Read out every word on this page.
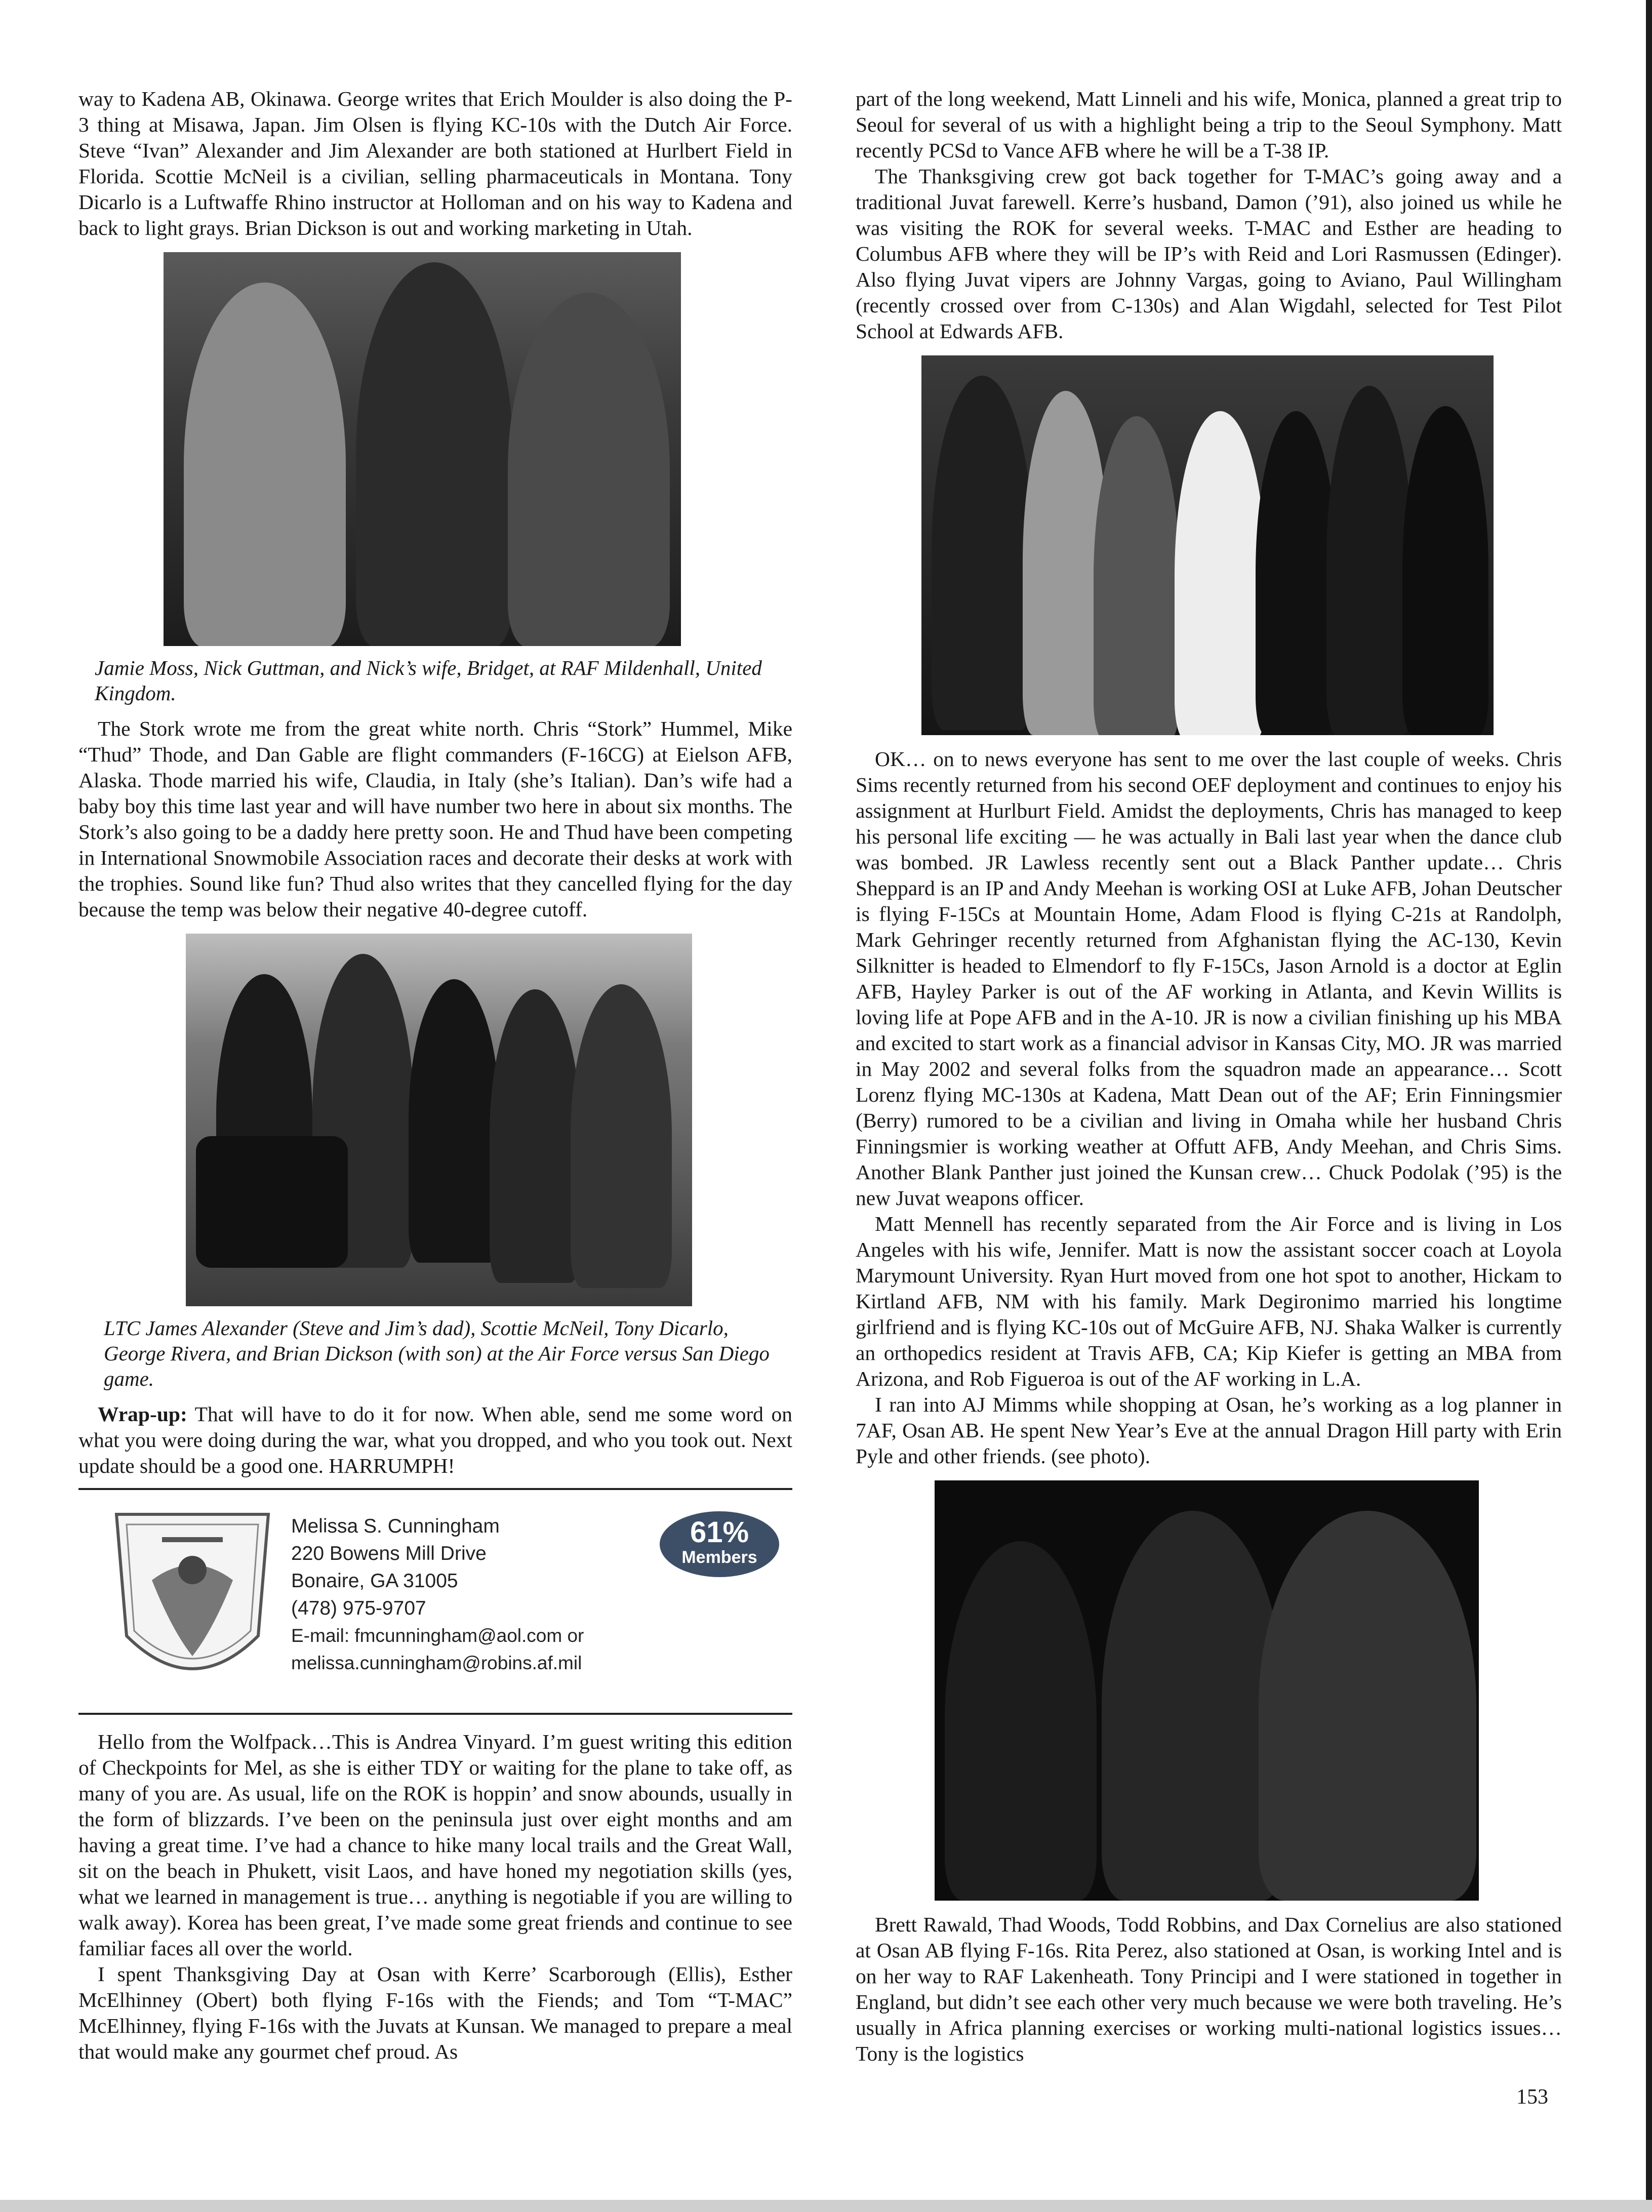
way to Kadena AB, Okinawa. George writes that Erich Moulder is also doing the P-3 thing at Misawa, Japan. Jim Olsen is flying KC-10s with the Dutch Air Force. Steve “Ivan” Alexander and Jim Alexander are both stationed at Hurlbert Field in Florida. Scottie McNeil is a civilian, selling pharmaceuticals in Montana. Tony Dicarlo is a Luftwaffe Rhino instructor at Holloman and on his way to Kadena and back to light grays. Brian Dickson is out and working marketing in Utah.

Jamie Moss, Nick Guttman, and Nick’s wife, Bridget, at RAF Mildenhall, United Kingdom.

The Stork wrote me from the great white north. Chris “Stork” Hummel, Mike “Thud” Thode, and Dan Gable are flight commanders (F-16CG) at Eielson AFB, Alaska. Thode married his wife, Claudia, in Italy (she’s Italian). Dan’s wife had a baby boy this time last year and will have number two here in about six months. The Stork’s also going to be a daddy here pretty soon. He and Thud have been competing in International Snowmobile Association races and decorate their desks at work with the trophies. Sound like fun? Thud also writes that they cancelled flying for the day because the temp was below their negative 40-degree cutoff.

LTC James Alexander (Steve and Jim’s dad), Scottie McNeil, Tony Dicarlo, George Rivera, and Brian Dickson (with son) at the Air Force versus San Diego game.

Wrap-up: That will have to do it for now. When able, send me some word on what you were doing during the war, what you dropped, and who you took out. Next update should be a good one. HARRUMPH!

Melissa S. Cunningham
220 Bowens Mill Drive
Bonaire, GA 31005
(478) 975-9707
E-mail: fmcunningham@aol.com or
melissa.cunningham@robins.af.mil
61%
Members

Hello from the Wolfpack…This is Andrea Vinyard. I’m guest writing this edition of Checkpoints for Mel, as she is either TDY or waiting for the plane to take off, as many of you are. As usual, life on the ROK is hoppin’ and snow abounds, usually in the form of blizzards. I’ve been on the peninsula just over eight months and am having a great time. I’ve had a chance to hike many local trails and the Great Wall, sit on the beach in Phukett, visit Laos, and have honed my negotiation skills (yes, what we learned in management is true… anything is negotiable if you are willing to walk away). Korea has been great, I’ve made some great friends and continue to see familiar faces all over the world.

I spent Thanksgiving Day at Osan with Kerre’ Scarborough (Ellis), Esther McElhinney (Obert) both flying F-16s with the Fiends; and Tom “T-MAC” McElhinney, flying F-16s with the Juvats at Kunsan. We managed to prepare a meal that would make any gourmet chef proud. As

part of the long weekend, Matt Linneli and his wife, Monica, planned a great trip to Seoul for several of us with a highlight being a trip to the Seoul Symphony. Matt recently PCSd to Vance AFB where he will be a T-38 IP.

The Thanksgiving crew got back together for T-MAC’s going away and a traditional Juvat farewell. Kerre’s husband, Damon (’91), also joined us while he was visiting the ROK for several weeks. T-MAC and Esther are heading to Columbus AFB where they will be IP’s with Reid and Lori Rasmussen (Edinger). Also flying Juvat vipers are Johnny Vargas, going to Aviano, Paul Willingham (recently crossed over from C-130s) and Alan Wigdahl, selected for Test Pilot School at Edwards AFB.

OK… on to news everyone has sent to me over the last couple of weeks. Chris Sims recently returned from his second OEF deployment and continues to enjoy his assignment at Hurlburt Field. Amidst the deployments, Chris has managed to keep his personal life exciting — he was actually in Bali last year when the dance club was bombed. JR Lawless recently sent out a Black Panther update… Chris Sheppard is an IP and Andy Meehan is working OSI at Luke AFB, Johan Deutscher is flying F-15Cs at Mountain Home, Adam Flood is flying C-21s at Randolph, Mark Gehringer recently returned from Afghanistan flying the AC-130, Kevin Silknitter is headed to Elmendorf to fly F-15Cs, Jason Arnold is a doctor at Eglin AFB, Hayley Parker is out of the AF working in Atlanta, and Kevin Willits is loving life at Pope AFB and in the A-10. JR is now a civilian finishing up his MBA and excited to start work as a financial advisor in Kansas City, MO. JR was married in May 2002 and several folks from the squadron made an appearance… Scott Lorenz flying MC-130s at Kadena, Matt Dean out of the AF; Erin Finningsmier (Berry) rumored to be a civilian and living in Omaha while her husband Chris Finningsmier is working weather at Offutt AFB, Andy Meehan, and Chris Sims. Another Blank Panther just joined the Kunsan crew… Chuck Podolak (’95) is the new Juvat weapons officer.

Matt Mennell has recently separated from the Air Force and is living in Los Angeles with his wife, Jennifer. Matt is now the assistant soccer coach at Loyola Marymount University. Ryan Hurt moved from one hot spot to another, Hickam to Kirtland AFB, NM with his family. Mark Degironimo married his longtime girlfriend and is flying KC-10s out of McGuire AFB, NJ. Shaka Walker is currently an orthopedics resident at Travis AFB, CA; Kip Kiefer is getting an MBA from Arizona, and Rob Figueroa is out of the AF working in L.A.

I ran into AJ Mimms while shopping at Osan, he’s working as a log planner in 7AF, Osan AB. He spent New Year’s Eve at the annual Dragon Hill party with Erin Pyle and other friends. (see photo).

Brett Rawald, Thad Woods, Todd Robbins, and Dax Cornelius are also stationed at Osan AB flying F-16s. Rita Perez, also stationed at Osan, is working Intel and is on her way to RAF Lakenheath. Tony Principi and I were stationed in together in England, but didn’t see each other very much because we were both traveling. He’s usually in Africa planning exercises or working multi-national logistics issues…Tony is the logistics

153
